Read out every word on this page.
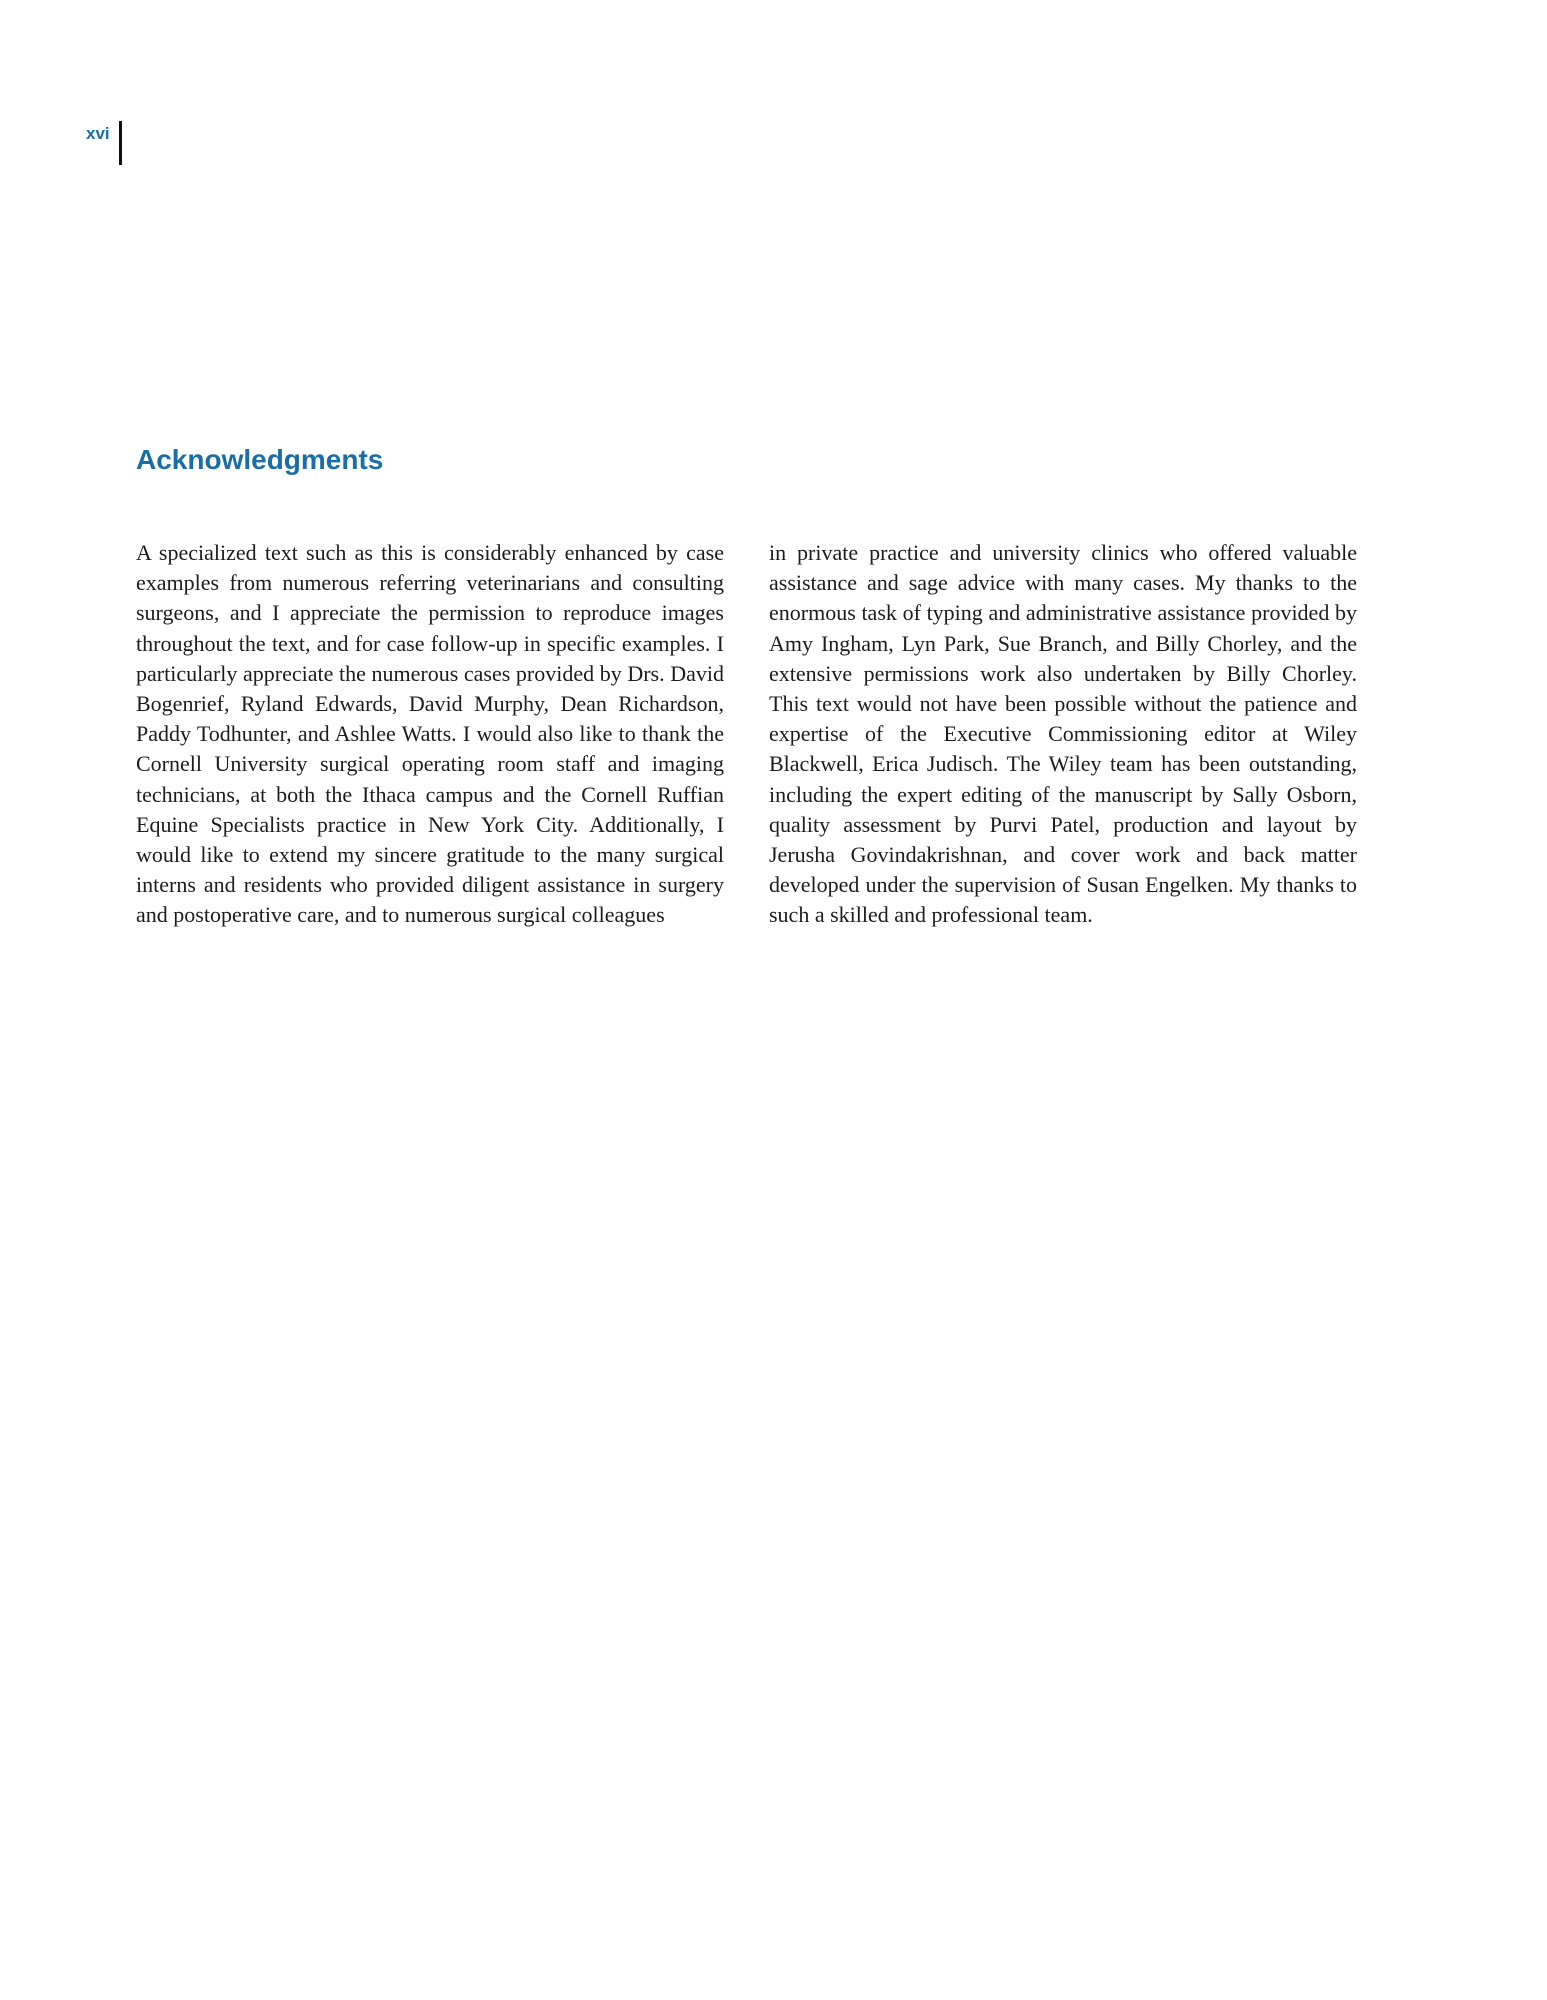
xvi
Acknowledgments

A specialized text such as this is considerably enhanced by case examples from numerous referring veterinarians and consulting surgeons, and I appreciate the permission to reproduce images throughout the text, and for case follow-up in specific examples. I particularly appreciate the numerous cases provided by Drs. David Bogenrief, Ryland Edwards, David Murphy, Dean Richardson, Paddy Todhunter, and Ashlee Watts. I would also like to thank the Cornell University surgical operating room staff and imaging technicians, at both the Ithaca campus and the Cornell Ruffian Equine Specialists practice in New York City. Additionally, I would like to extend my sincere gratitude to the many surgical interns and residents who provided diligent assistance in surgery and postoperative care, and to numerous surgical colleagues

in private practice and university clinics who offered valuable assistance and sage advice with many cases. My thanks to the enormous task of typing and administrative assistance provided by Amy Ingham, Lyn Park, Sue Branch, and Billy Chorley, and the extensive permissions work also undertaken by Billy Chorley. This text would not have been possible without the patience and expertise of the Executive Commissioning editor at Wiley Blackwell, Erica Judisch. The Wiley team has been outstanding, including the expert editing of the manuscript by Sally Osborn, quality assessment by Purvi Patel, production and layout by Jerusha Govindakrishnan, and cover work and back matter developed under the supervision of Susan Engelken. My thanks to such a skilled and professional team.
